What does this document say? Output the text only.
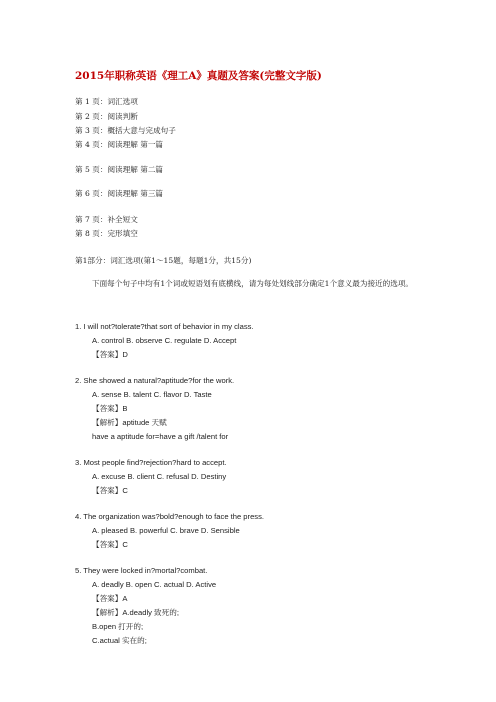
2015年职称英语《理工A》真题及答案(完整文字版)
第 1 页：词汇选项
第 2 页：阅读判断
第 3 页：概括大意与完成句子
第 4 页：阅读理解 第一篇
第 5 页：阅读理解 第二篇
第 6 页：阅读理解 第三篇
第 7 页：补全短文
第 8 页：完形填空
第1部分：词汇选项(第1～15题，每题1分，共15分)
下面每个句子中均有1个词或短语划有底横线，请为每处划线部分确定1个意义最为接近的选项。
1. I will not?tolerate?that sort of behavior in my class.
A. control B. observe C. regulate D. Accept
【答案】D
2. She showed a natural?aptitude?for the work.
A. sense B. talent C. flavor D. Taste
【答案】B
【解析】aptitude 天赋
have a aptitude for=have a gift /talent for
3. Most people find?rejection?hard to accept.
A. excuse B. client C. refusal D. Destiny
【答案】C
4. The organization was?bold?enough to face the press.
A. pleased B. powerful C. brave D. Sensible
【答案】C
5. They were locked in?mortal?combat.
A. deadly B. open C. actual D. Active
【答案】A
【解析】A.deadly 致死的;
B.open 打开的;
C.actual 实在的;
